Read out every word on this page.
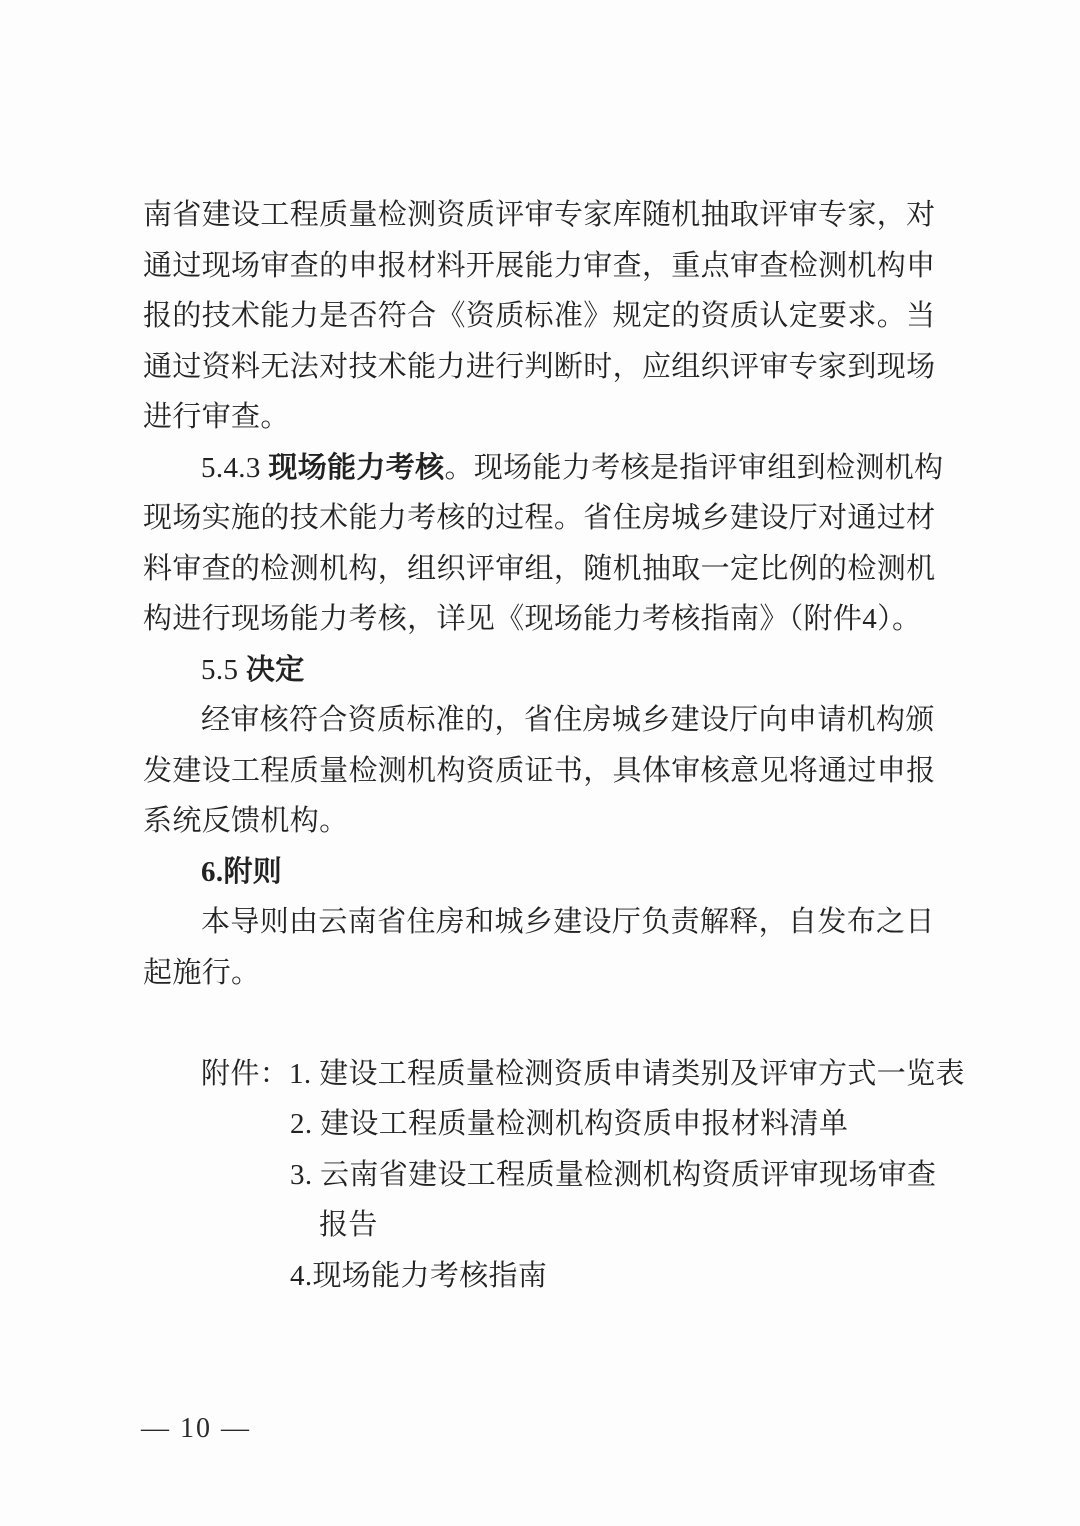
南省建设工程质量检测资质评审专家库随机抽取评审专家，对
通过现场审查的申报材料开展能力审查，重点审查检测机构申
报的技术能力是否符合《资质标准》规定的资质认定要求。当
通过资料无法对技术能力进行判断时，应组织评审专家到现场
进行审查。
5.4.3 现场能力考核。现场能力考核是指评审组到检测机构
现场实施的技术能力考核的过程。省住房城乡建设厅对通过材
料审查的检测机构，组织评审组，随机抽取一定比例的检测机
构进行现场能力考核，详见《现场能力考核指南》（附件4）。
5.5 决定
经审核符合资质标准的，省住房城乡建设厅向申请机构颁
发建设工程质量检测机构资质证书，具体审核意见将通过申报
系统反馈机构。
6.附则
本导则由云南省住房和城乡建设厅负责解释，自发布之日
起施行。
附件：1. 建设工程质量检测资质申请类别及评审方式一览表
2. 建设工程质量检测机构资质申报材料清单
3. 云南省建设工程质量检测机构资质评审现场审查
报告
4.现场能力考核指南
— 10 —
